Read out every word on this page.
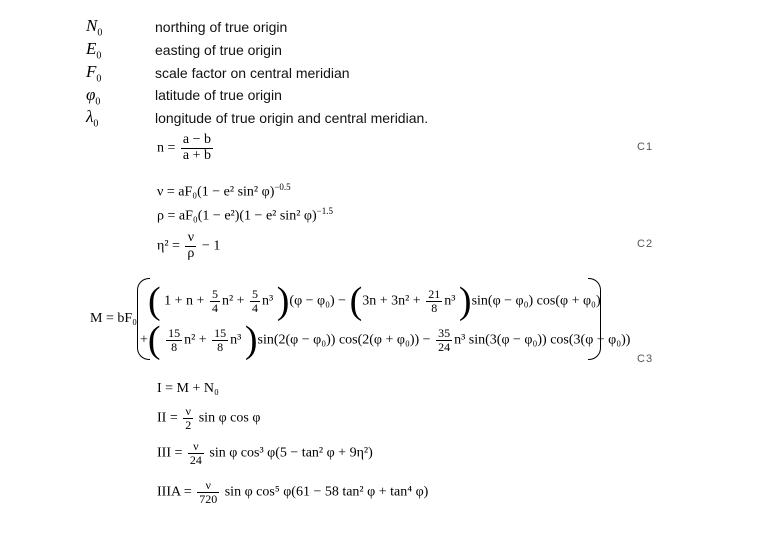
$N_0$	northing of true origin
$E_0$	easting of true origin
$F_0$	scale factor on central meridian
$\varphi_0$	latitude of true origin
$\lambda_0$	longitude of true origin and central meridian.
$n = \frac{a - b}{a + b}$	C1
ν = aF₀(1 − e² sin² φ)$^{-0.5}$
ρ = aF₀(1 − e²)(1 − e² sin² φ)$^{-1.5}$
$\eta^2 = \frac{\nu}{\rho} - 1$	C2
M = bF₀ ( $1 + n + \frac{5}{4} n^2 + \frac{5}{4} n^3$ )$(\varphi - \varphi_0) - (3n + 3n^2 + \frac{21}{8} n^3$ )sin(φ − φ₀) cos(φ + φ₀)
+( $\frac{15}{8} n^2 + \frac{15}{8} n^3$ )sin(2(φ − φ₀)) $\cos(2(\varphi + \varphi_0)) - \frac{35}{24} n^3$ sin(3(φ − φ₀)) cos(3(φ + φ₀))
C3
I = M + N₀
II = $\frac{\nu}{2}$ sin φ cos φ
III = $\frac{\nu}{24}$ sin φ cos³ φ(5 − tan² φ + 9η²)
IIIA = $\frac{\nu}{720}$ sin φ cos⁵ φ(61 − 58 tan² φ + tan⁴ φ)
